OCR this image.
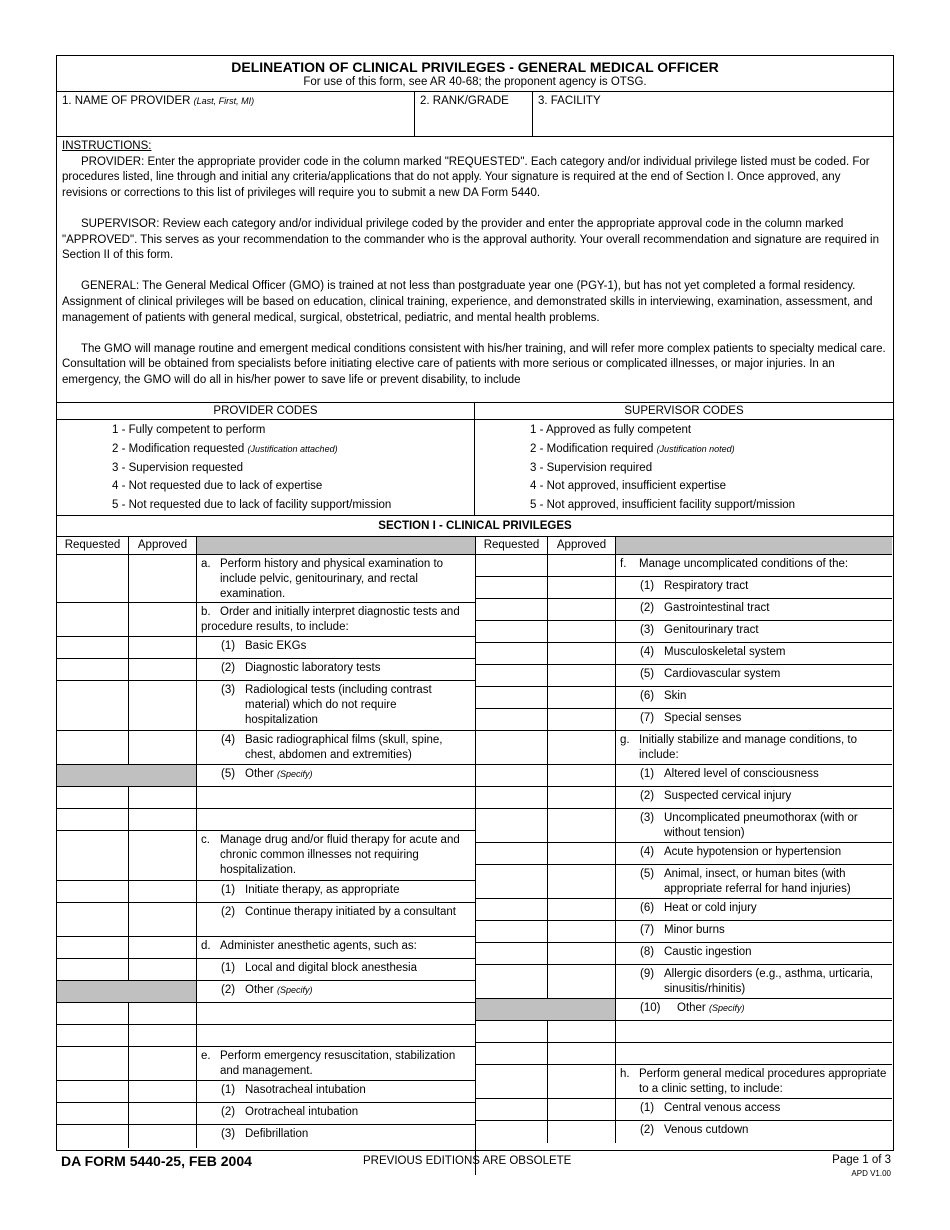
DELINEATION OF CLINICAL PRIVILEGES - GENERAL MEDICAL OFFICER
For use of this form, see AR 40-68; the proponent agency is OTSG.
1. NAME OF PROVIDER (Last, First, MI)	2. RANK/GRADE	3. FACILITY
INSTRUCTIONS:

PROVIDER: Enter the appropriate provider code in the column marked "REQUESTED". Each category and/or individual privilege listed must be coded. For procedures listed, line through and initial any criteria/applications that do not apply. Your signature is required at the end of Section I. Once approved, any revisions or corrections to this list of privileges will require you to submit a new DA Form 5440.

SUPERVISOR: Review each category and/or individual privilege coded by the provider and enter the appropriate approval code in the column marked "APPROVED". This serves as your recommendation to the commander who is the approval authority. Your overall recommendation and signature are required in Section II of this form.

GENERAL: The General Medical Officer (GMO) is trained at not less than postgraduate year one (PGY-1), but has not yet completed a formal residency. Assignment of clinical privileges will be based on education, clinical training, experience, and demonstrated skills in interviewing, examination, assessment, and management of patients with general medical, surgical, obstetrical, pediatric, and mental health problems.

The GMO will manage routine and emergent medical conditions consistent with his/her training, and will refer more complex patients to specialty medical care. Consultation will be obtained from specialists before initiating elective care of patients with more serious or complicated illnesses, or major injuries. In an emergency, the GMO will do all in his/her power to save life or prevent disability, to include

PROVIDER CODES
1 - Fully competent to perform
2 - Modification requested (Justification attached)
3 - Supervision requested
4 - Not requested due to lack of expertise
5 - Not requested due to lack of facility support/mission
SUPERVISOR CODES
1 - Approved as fully competent
2 - Modification required (Justification noted)
3 - Supervision required
4 - Not approved, insufficient expertise
5 - Not approved, insufficient facility support/mission
SECTION I - CLINICAL PRIVILEGES
Requested	Approved
a. Perform history and physical examination to include pelvic, genitourinary, and rectal examination.
b. Order and initially interpret diagnostic tests and procedure results, to include:
(1) Basic EKGs
(2) Diagnostic laboratory tests
(3) Radiological tests (including contrast material) which do not require hospitalization
(4) Basic radiographical films (skull, spine, chest, abdomen and extremities)
(5) Other (Specify)
c. Manage drug and/or fluid therapy for acute and chronic common illnesses not requiring hospitalization.
(1) Initiate therapy, as appropriate
(2) Continue therapy initiated by a consultant
d. Administer anesthetic agents, such as:
(1) Local and digital block anesthesia
(2) Other (Specify)
e. Perform emergency resuscitation, stabilization and management.
(1) Nasotracheal intubation
(2) Orotracheal intubation
(3) Defibrillation
Requested	Approved
f. Manage uncomplicated conditions of the:
(1) Respiratory tract
(2) Gastrointestinal tract
(3) Genitourinary tract
(4) Musculoskeletal system
(5) Cardiovascular system
(6) Skin
(7) Special senses
g. Initially stabilize and manage conditions, to include:
(1) Altered level of consciousness
(2) Suspected cervical injury
(3) Uncomplicated pneumothorax (with or without tension)
(4) Acute hypotension or hypertension
(5) Animal, insect, or human bites (with appropriate referral for hand injuries)
(6) Heat or cold injury
(7) Minor burns
(8) Caustic ingestion
(9) Allergic disorders (e.g., asthma, urticaria, sinusitis/rhinitis)
(10) Other (Specify)
h. Perform general medical procedures appropriate to a clinic setting, to include:
(1) Central venous access
(2) Venous cutdown
DA FORM 5440-25, FEB 2004	PREVIOUS EDITIONS ARE OBSOLETE	Page 1 of 3
APD V1.00
